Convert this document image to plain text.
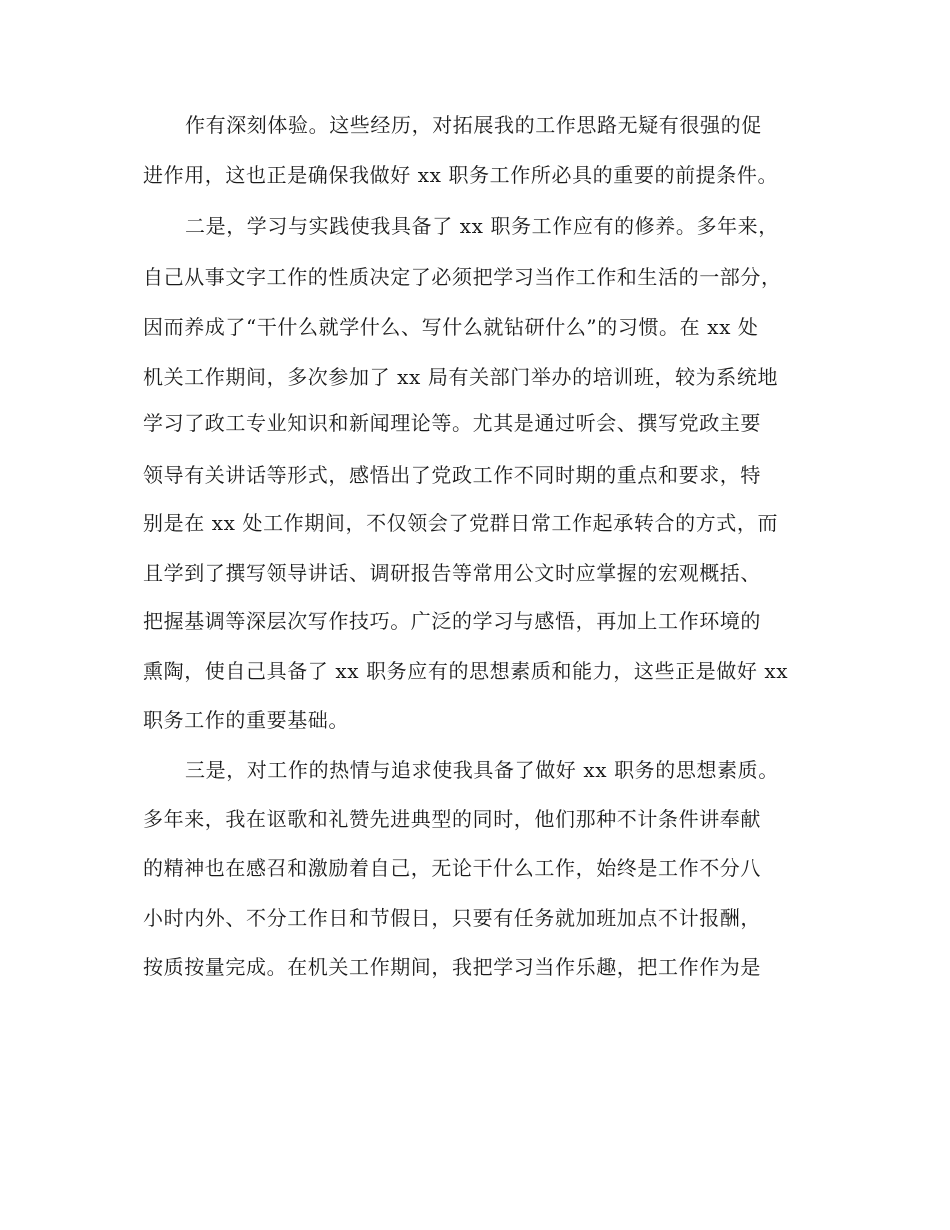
作有深刻体验。这些经历，对拓展我的工作思路无疑有很强的促
进作用，这也正是确保我做好 xx 职务工作所必具的重要的前提条件。
二是，学习与实践使我具备了 xx 职务工作应有的修养。多年来，
自己从事文字工作的性质决定了必须把学习当作工作和生活的一部分，
因而养成了“干什么就学什么、写什么就钻研什么”的习惯。在 xx 处
机关工作期间，多次参加了 xx 局有关部门举办的培训班，较为系统地
学习了政工专业知识和新闻理论等。尤其是通过听会、撰写党政主要
领导有关讲话等形式，感悟出了党政工作不同时期的重点和要求，特
别是在 xx 处工作期间，不仅领会了党群日常工作起承转合的方式，而
且学到了撰写领导讲话、调研报告等常用公文时应掌握的宏观概括、
把握基调等深层次写作技巧。广泛的学习与感悟，再加上工作环境的
熏陶，使自己具备了 xx 职务应有的思想素质和能力，这些正是做好 xx
职务工作的重要基础。
三是，对工作的热情与追求使我具备了做好 xx 职务的思想素质。
多年来，我在讴歌和礼赞先进典型的同时，他们那种不计条件讲奉献
的精神也在感召和激励着自己，无论干什么工作，始终是工作不分八
小时内外、不分工作日和节假日，只要有任务就加班加点不计报酬，
按质按量完成。在机关工作期间，我把学习当作乐趣，把工作作为是
